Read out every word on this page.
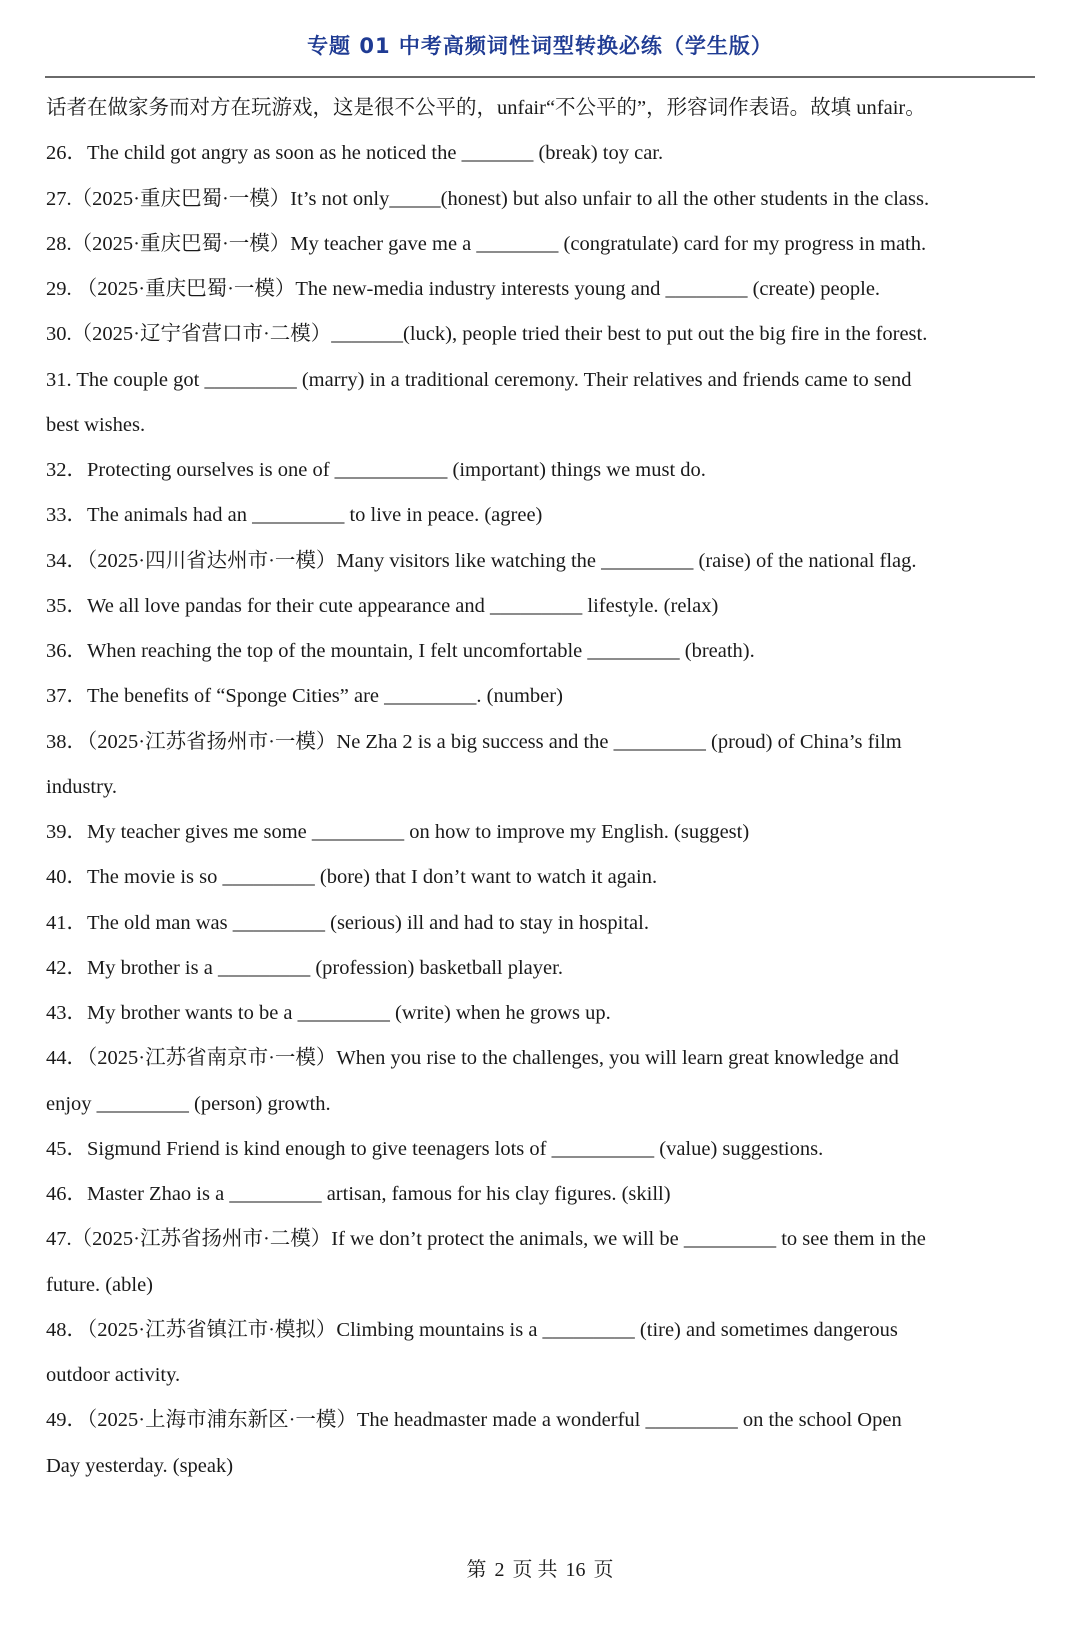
专题 01 中考高频词性词型转换必练（学生版）
话者在做家务而对方在玩游戏，这是很不公平的，unfair“不公平的”，形容词作表语。故填 unfair。
26．The child got angry as soon as he noticed the _______ (break) toy car.
27.（2025·重庆巴蜀·一模）It’s not only_____(honest) but also unfair to all the other students in the class.
28.（2025·重庆巴蜀·一模）My teacher gave me a ________ (congratulate) card for my progress in math.
29. （2025·重庆巴蜀·一模）The new-media industry interests young and ________ (create) people.
30.（2025·辽宁省营口市·二模）_______(luck), people tried their best to put out the big fire in the forest.
31. The couple got _________ (marry) in a traditional ceremony. Their relatives and friends came to send
best wishes.
32．Protecting ourselves is one of ___________ (important) things we must do.
33．The animals had an _________ to live in peace. (agree)
34．（2025·四川省达州市·一模）Many visitors like watching the _________ (raise) of the national flag.
35．We all love pandas for their cute appearance and _________ lifestyle. (relax)
36．When reaching the top of the mountain, I felt uncomfortable _________ (breath).
37．The benefits of “Sponge Cities” are _________. (number)
38．（2025·江苏省扬州市·一模）Ne Zha 2 is a big success and the _________ (proud) of China’s film
industry.
39．My teacher gives me some _________ on how to improve my English. (suggest)
40．The movie is so _________ (bore) that I don’t want to watch it again.
41．The old man was _________ (serious) ill and had to stay in hospital.
42．My brother is a _________ (profession) basketball player.
43．My brother wants to be a _________ (write) when he grows up.
44．（2025·江苏省南京市·一模）When you rise to the challenges, you will learn great knowledge and
enjoy _________ (person) growth.
45．Sigmund Friend is kind enough to give teenagers lots of __________ (value) suggestions.
46．Master Zhao is a _________ artisan, famous for his clay figures. (skill)
47.（2025·江苏省扬州市·二模）If we don’t protect the animals, we will be _________ to see them in the
future. (able)
48．（2025·江苏省镇江市·模拟）Climbing mountains is a _________ (tire) and sometimes dangerous
outdoor activity.
49．（2025·上海市浦东新区·一模）The headmaster made a wonderful _________ on the school Open
Day yesterday. (speak)
第 2 页 共 16 页
